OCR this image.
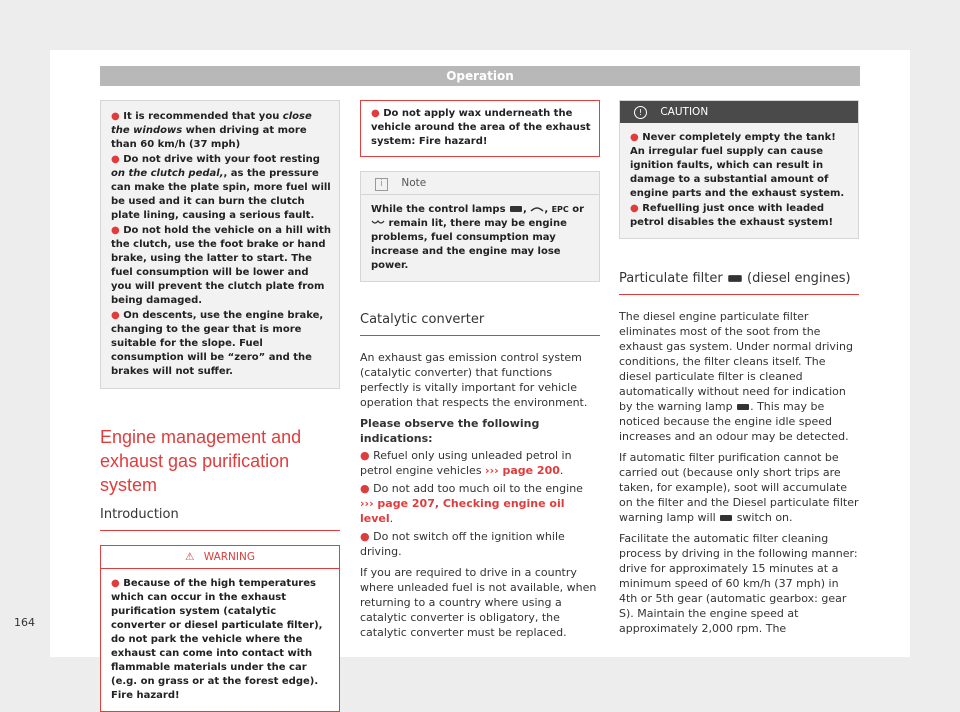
Operation
● It is recommended that you close the windows when driving at more than 60 km/h (37 mph)
● Do not drive with your foot resting on the clutch pedal,, as the pressure can make the plate spin, more fuel will be used and it can burn the clutch plate lining, causing a serious fault.
● Do not hold the vehicle on a hill with the clutch, use the foot brake or hand brake, using the latter to start. The fuel consumption will be lower and you will prevent the clutch plate from being damaged.
● On descents, use the engine brake, changing to the gear that is more suitable for the slope. Fuel consumption will be “zero” and the brakes will not suffer.
Engine management and exhaust gas purification system
Introduction
⚠ WARNING
● Because of the high temperatures which can occur in the exhaust purification system (catalytic converter or diesel particulate filter), do not park the vehicle where the exhaust can come into contact with flammable materials under the car (e.g. on grass or at the forest edge). Fire hazard!
● Do not apply wax underneath the vehicle around the area of the exhaust system: Fire hazard!
i Note
While the control lamps , , EPC or  remain lit, there may be engine problems, fuel consumption may increase and the engine may lose power.
Catalytic converter

An exhaust gas emission control system (catalytic converter) that functions perfectly is vitally important for vehicle operation that respects the environment.

Please observe the following indications:

● Refuel only using unleaded petrol in petrol engine vehicles ››› page 200.

● Do not add too much oil to the engine ››› page 207, Checking engine oil level.

● Do not switch off the ignition while driving.

If you are required to drive in a country where unleaded fuel is not available, when returning to a country where using a catalytic converter is obligatory, the catalytic converter must be replaced.

! CAUTION
● Never completely empty the tank! An irregular fuel supply can cause ignition faults, which can result in damage to a substantial amount of engine parts and the exhaust system.
● Refuelling just once with leaded petrol disables the exhaust system!
Particulate filter (diesel engines)

The diesel engine particulate filter eliminates most of the soot from the exhaust gas system. Under normal driving conditions, the filter cleans itself. The diesel particulate filter is cleaned automatically without need for indication by the warning lamp . This may be noticed because the engine idle speed increases and an odour may be detected.

If automatic filter purification cannot be carried out (because only short trips are taken, for example), soot will accumulate on the filter and the Diesel particulate filter warning lamp will switch on.

Facilitate the automatic filter cleaning process by driving in the following manner: drive for approximately 15 minutes at a minimum speed of 60 km/h (37 mph) in 4th or 5th gear (automatic gearbox: gear S). Maintain the engine speed at approximately 2,000 rpm. The

164
